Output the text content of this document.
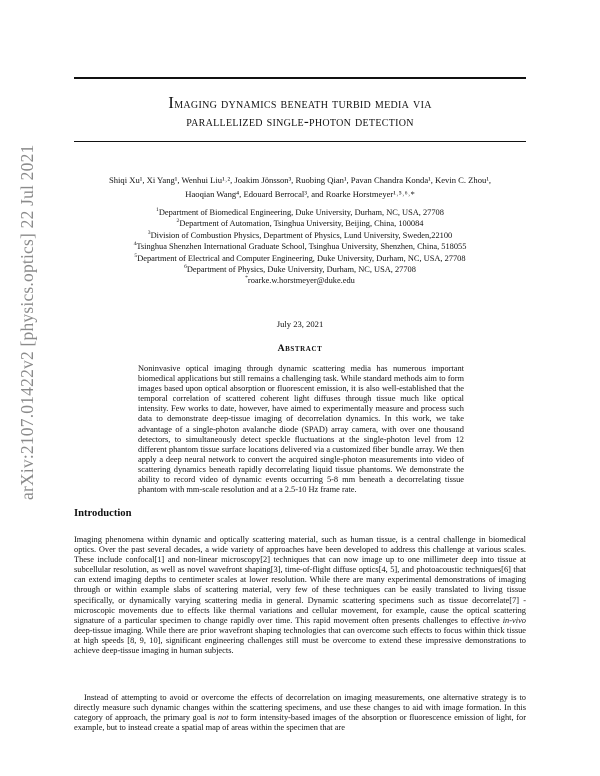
arXiv:2107.01422v2 [physics.optics] 22 Jul 2021
Imaging dynamics beneath turbid media via
parallelized single-photon detection
Shiqi Xu¹, Xi Yang¹, Wenhui Liu¹˒², Joakim Jönsson³, Ruobing Qian¹, Pavan Chandra Konda¹, Kevin C. Zhou¹,
Haoqian Wang⁴, Edouard Berrocal³, and Roarke Horstmeyer¹˒⁵˒⁶˒*
$^1$Department of Biomedical Engineering, Duke University, Durham, NC, USA, 27708
$^2$Department of Automation, Tsinghua University, Beijing, China, 100084
$^3$Division of Combustion Physics, Department of Physics, Lund University, Sweden,22100
$^4$Tsinghua Shenzhen International Graduate School, Tsinghua University, Shenzhen, China, 518055
$^5$Department of Electrical and Computer Engineering, Duke University, Durham, NC, USA, 27708
$^6$Department of Physics, Duke University, Durham, NC, USA, 27708
*roarke.w.horstmeyer@duke.edu
July 23, 2021
Abstract
Noninvasive optical imaging through dynamic scattering media has numerous important biomedical applications but still remains a challenging task. While standard methods aim to form images based upon optical absorption or fluorescent emission, it is also well-established that the temporal correlation of scattered coherent light diffuses through tissue much like optical intensity. Few works to date, however, have aimed to experimentally measure and process such data to demonstrate deep-tissue imaging of decorrelation dynamics. In this work, we take advantage of a single-photon avalanche diode (SPAD) array camera, with over one thousand detectors, to simultaneously detect speckle fluctuations at the single-photon level from 12 different phantom tissue surface locations delivered via a customized fiber bundle array. We then apply a deep neural network to convert the acquired single-photon measurements into video of scattering dynamics beneath rapidly decorrelating liquid tissue phantoms. We demonstrate the ability to record video of dynamic events occurring 5-8 mm beneath a decorrelating tissue phantom with mm-scale resolution and at a 2.5-10 Hz frame rate.
Introduction
Imaging phenomena within dynamic and optically scattering material, such as human tissue, is a central challenge in biomedical optics. Over the past several decades, a wide variety of approaches have been developed to address this challenge at various scales. These include confocal[1] and non-linear microscopy[2] techniques that can now image up to one millimeter deep into tissue at subcellular resolution, as well as novel wavefront shaping[3], time-of-flight diffuse optics[4, 5], and photoacoustic techniques[6] that can extend imaging depths to centimeter scales at lower resolution. While there are many experimental demonstrations of imaging through or within example slabs of scattering material, very few of these techniques can be easily translated to living tissue specifically, or dynamically varying scattering media in general. Dynamic scattering specimens such as tissue decorrelate[7] - microscopic movements due to effects like thermal variations and cellular movement, for example, cause the optical scattering signature of a particular specimen to change rapidly over time. This rapid movement often presents challenges to effective in-vivo deep-tissue imaging. While there are prior wavefront shaping technologies that can overcome such effects to focus within thick tissue at high speeds [8, 9, 10], significant engineering challenges still must be overcome to extend these impressive demonstrations to achieve deep-tissue imaging in human subjects.
Instead of attempting to avoid or overcome the effects of decorrelation on imaging measurements, one alternative strategy is to directly measure such dynamic changes within the scattering specimens, and use these changes to aid with image formation. In this category of approach, the primary goal is not to form intensity-based images of the absorption or fluorescence emission of light, for example, but to instead create a spatial map of areas within the specimen that are
